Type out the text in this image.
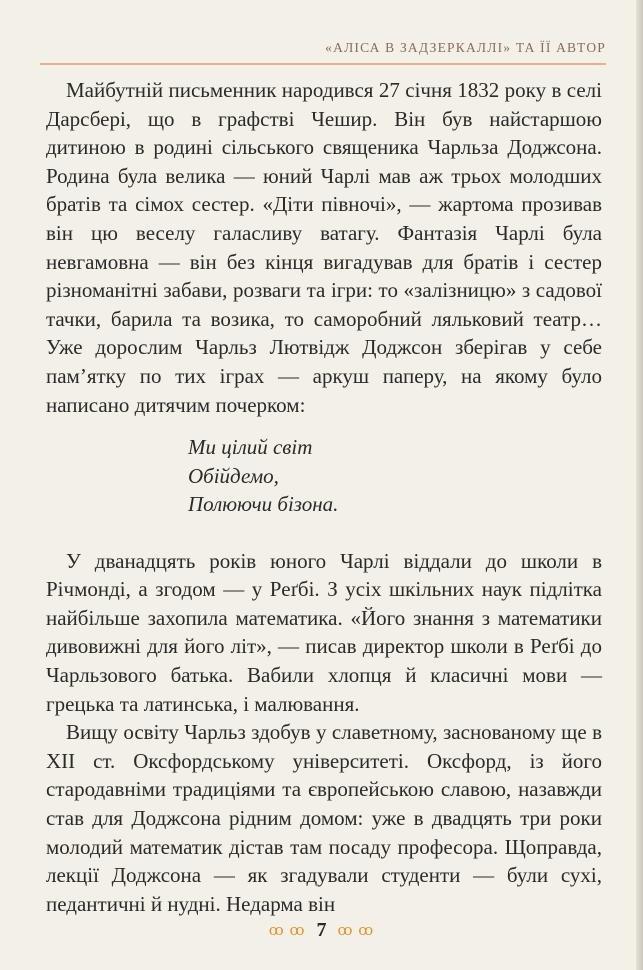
«АЛІСА В ЗАДЗЕРКАЛЛІ» ТА ЇЇ АВТОР

Майбутній письменник народився 27 січня 1832 року в селі Дарсбері, що в графстві Чешир. Він був найстаршою дитиною в родині сільського священика Чарльза Доджсона. Родина була велика — юний Чарлі мав аж трьох молодших братів та сімох сестер. «Діти півночі», — жартома прозивав він цю веселу галасливу ватагу. Фантазія Чарлі була невгамовна — він без кінця вигадував для братів і сестер різноманітні забави, розваги та ігри: то «залізницю» з садової тачки, барила та возика, то саморобний ляльковий театр… Уже дорослим Чарльз Лютвідж Доджсон зберігав у себе пам’ятку по тих іграх — аркуш паперу, на якому було написано дитячим почерком:

Ми цілий світ
Обійдемо,
Полюючи бізона.

У дванадцять років юного Чарлі віддали до школи в Річмонді, а згодом — у Реґбі. З усіх шкільних наук підлітка найбільше захопила математика. «Його знання з математики дивовижні для його літ», — писав директор школи в Реґбі до Чарльзового батька. Вабили хлопця й класичні мови — грецька та латинська, і малювання.

Вищу освіту Чарльз здобув у славетному, заснованому ще в XII ст. Оксфордському університеті. Оксфорд, із його стародавніми традиціями та європейською славою, назавжди став для Доджсона рідним домом: уже в двадцять три роки молодий математик дістав там посаду професора. Щоправда, лекції Доджсона — як згадували студенти — були сухі, педантичні й нудні. Недарма він

ꝏ ꝏ 7 ꝏ ꝏ
